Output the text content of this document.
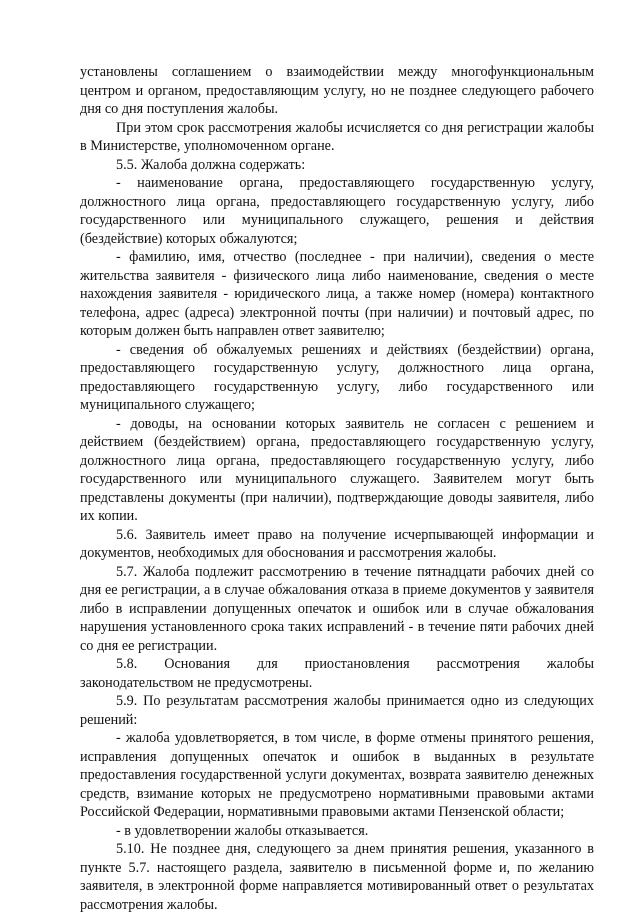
установлены соглашением о взаимодействии между многофункциональным центром и органом, предоставляющим услугу, но не позднее следующего рабочего дня со дня поступления жалобы.

При этом срок рассмотрения жалобы исчисляется со дня регистрации жалобы в Министерстве, уполномоченном органе.

5.5. Жалоба должна содержать:

- наименование органа, предоставляющего государственную услугу, должностного лица органа, предоставляющего государственную услугу, либо государственного или муниципального служащего, решения и действия (бездействие) которых обжалуются;

- фамилию, имя, отчество (последнее - при наличии), сведения о месте жительства заявителя - физического лица либо наименование, сведения о месте нахождения заявителя - юридического лица, а также номер (номера) контактного телефона, адрес (адреса) электронной почты (при наличии) и почтовый адрес, по которым должен быть направлен ответ заявителю;

- сведения об обжалуемых решениях и действиях (бездействии) органа, предоставляющего государственную услугу, должностного лица органа, предоставляющего государственную услугу, либо государственного или муниципального служащего;

- доводы, на основании которых заявитель не согласен с решением и действием (бездействием) органа, предоставляющего государственную услугу, должностного лица органа, предоставляющего государственную услугу, либо государственного или муниципального служащего. Заявителем могут быть представлены документы (при наличии), подтверждающие доводы заявителя, либо их копии.

5.6. Заявитель имеет право на получение исчерпывающей информации и документов, необходимых для обоснования и рассмотрения жалобы.

5.7. Жалоба подлежит рассмотрению в течение пятнадцати рабочих дней со дня ее регистрации, а в случае обжалования отказа в приеме документов у заявителя либо в исправлении допущенных опечаток и ошибок или в случае обжалования нарушения установленного срока таких исправлений - в течение пяти рабочих дней со дня ее регистрации.

5.8. Основания для приостановления рассмотрения жалобы законодательством не предусмотрены.

5.9. По результатам рассмотрения жалобы принимается одно из следующих решений:

- жалоба удовлетворяется, в том числе, в форме отмены принятого решения, исправления допущенных опечаток и ошибок в выданных в результате предоставления государственной услуги документах, возврата заявителю денежных средств, взимание которых не предусмотрено нормативными правовыми актами Российской Федерации, нормативными правовыми актами Пензенской области;

- в удовлетворении жалобы отказывается.

5.10. Не позднее дня, следующего за днем принятия решения, указанного в пункте 5.7. настоящего раздела, заявителю в письменной форме и, по желанию заявителя, в электронной форме направляется мотивированный ответ о результатах рассмотрения жалобы.
